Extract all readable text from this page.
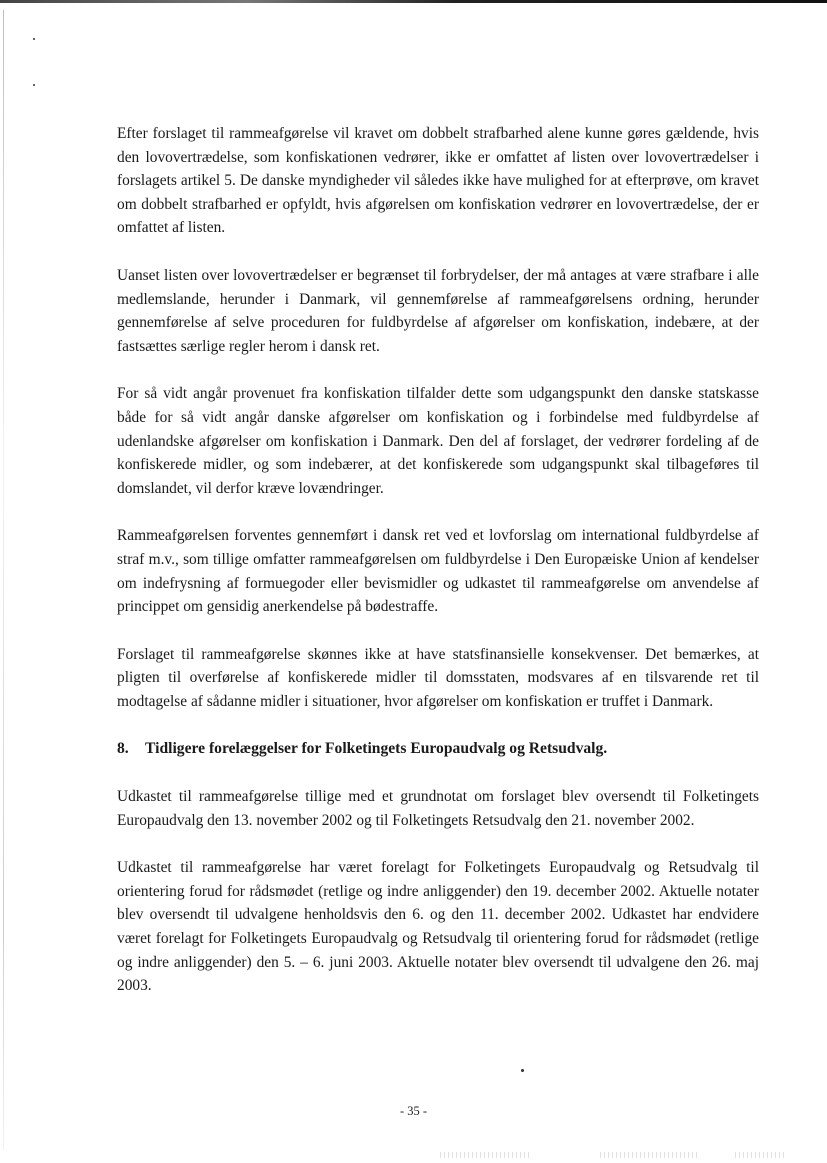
Efter forslaget til rammeafgørelse vil kravet om dobbelt strafbarhed alene kunne gøres gældende, hvis den lovovertrædelse, som konfiskationen vedrører, ikke er omfattet af listen over lovovertrædelser i forslagets artikel 5. De danske myndigheder vil således ikke have mulighed for at efterprøve, om kravet om dobbelt strafbarhed er opfyldt, hvis afgørelsen om konfiskation vedrører en lovovertrædelse, der er omfattet af listen.

Uanset listen over lovovertrædelser er begrænset til forbrydelser, der må antages at være strafbare i alle medlemslande, herunder i Danmark, vil gennemførelse af rammeafgørelsens ordning, herunder gennemførelse af selve proceduren for fuldbyrdelse af afgørelser om konfiskation, indebære, at der fastsættes særlige regler herom i dansk ret.

For så vidt angår provenuet fra konfiskation tilfalder dette som udgangspunkt den danske statskasse både for så vidt angår danske afgørelser om konfiskation og i forbindelse med fuldbyrdelse af udenlandske afgørelser om konfiskation i Danmark. Den del af forslaget, der vedrører fordeling af de konfiskerede midler, og som indebærer, at det konfiskerede som udgangspunkt skal tilbageføres til domslandet, vil derfor kræve lovændringer.

Rammeafgørelsen forventes gennemført i dansk ret ved et lovforslag om international fuldbyrdelse af straf m.v., som tillige omfatter rammeafgørelsen om fuldbyrdelse i Den Europæiske Union af kendelser om indefrysning af formuegoder eller bevismidler og udkastet til rammeafgørelse om anvendelse af princippet om gensidig anerkendelse på bødestraffe.

Forslaget til rammeafgørelse skønnes ikke at have statsfinansielle konsekvenser. Det bemærkes, at pligten til overførelse af konfiskerede midler til domsstaten, modsvares af en tilsvarende ret til modtagelse af sådanne midler i situationer, hvor afgørelser om konfiskation er truffet i Danmark.

8.	Tidligere forelæggelser for Folketingets Europaudvalg og Retsudvalg.

Udkastet til rammeafgørelse tillige med et grundnotat om forslaget blev oversendt til Folketingets Europaudvalg den 13. november 2002 og til Folketingets Retsudvalg den 21. november 2002.

Udkastet til rammeafgørelse har været forelagt for Folketingets Europaudvalg og Retsudvalg til orientering forud for rådsmødet (retlige og indre anliggender) den 19. december 2002. Aktuelle notater blev oversendt til udvalgene henholdsvis den 6. og den 11. december 2002. Udkastet har endvidere været forelagt for Folketingets Europaudvalg og Retsudvalg til orientering forud for rådsmødet (retlige og indre anliggender) den 5. – 6. juni 2003. Aktuelle notater blev oversendt til udvalgene den 26. maj 2003.

- 35 -
